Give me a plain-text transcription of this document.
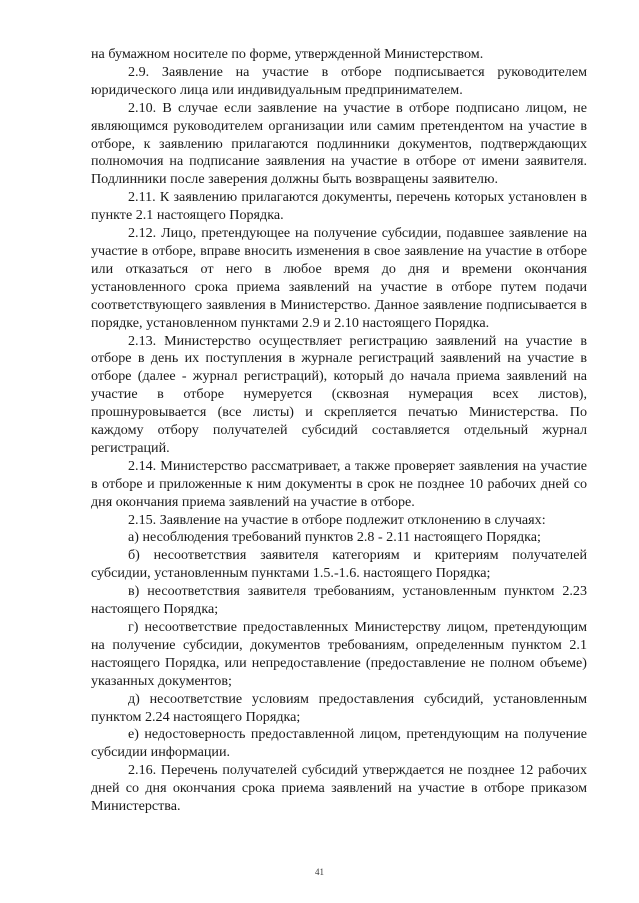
на бумажном носителе по форме, утвержденной Министерством.

2.9. Заявление на участие в отборе подписывается руководителем юридического лица или индивидуальным предпринимателем.

2.10. В случае если заявление на участие в отборе подписано лицом, не являющимся руководителем организации или самим претендентом на участие в отборе, к заявлению прилагаются подлинники документов, подтверждающих полномочия на подписание заявления на участие в отборе от имени заявителя. Подлинники после заверения должны быть возвращены заявителю.

2.11. К заявлению прилагаются документы, перечень которых установлен в пункте 2.1 настоящего Порядка.

2.12. Лицо, претендующее на получение субсидии, подавшее заявление на участие в отборе, вправе вносить изменения в свое заявление на участие в отборе или отказаться от него в любое время до дня и времени окончания установленного срока приема заявлений на участие в отборе путем подачи соответствующего заявления в Министерство. Данное заявление подписывается в порядке, установленном пунктами 2.9 и 2.10 настоящего Порядка.

2.13. Министерство осуществляет регистрацию заявлений на участие в отборе в день их поступления в журнале регистраций заявлений на участие в отборе (далее - журнал регистраций), который до начала приема заявлений на участие в отборе нумеруется (сквозная нумерация всех листов), прошнуровывается (все листы) и скрепляется печатью Министерства. По каждому отбору получателей субсидий составляется отдельный журнал регистраций.

2.14. Министерство рассматривает, а также проверяет заявления на участие в отборе и приложенные к ним документы в срок не позднее 10 рабочих дней со дня окончания приема заявлений на участие в отборе.

2.15. Заявление на участие в отборе подлежит отклонению в случаях:

а) несоблюдения требований пунктов 2.8 - 2.11 настоящего Порядка;

б) несоответствия заявителя категориям и критериям получателей субсидии, установленным пунктами 1.5.-1.6. настоящего Порядка;

в) несоответствия заявителя требованиям, установленным пунктом 2.23 настоящего Порядка;

г) несоответствие предоставленных Министерству лицом, претендующим на получение субсидии, документов требованиям, определенным пунктом 2.1 настоящего Порядка, или непредоставление (предоставление не полном объеме) указанных документов;

д) несоответствие условиям предоставления субсидий, установленным пунктом 2.24 настоящего Порядка;

е) недостоверность предоставленной лицом, претендующим на получение субсидии информации.

2.16. Перечень получателей субсидий утверждается не позднее 12 рабочих дней со дня окончания срока приема заявлений на участие в отборе приказом Министерства.

41
